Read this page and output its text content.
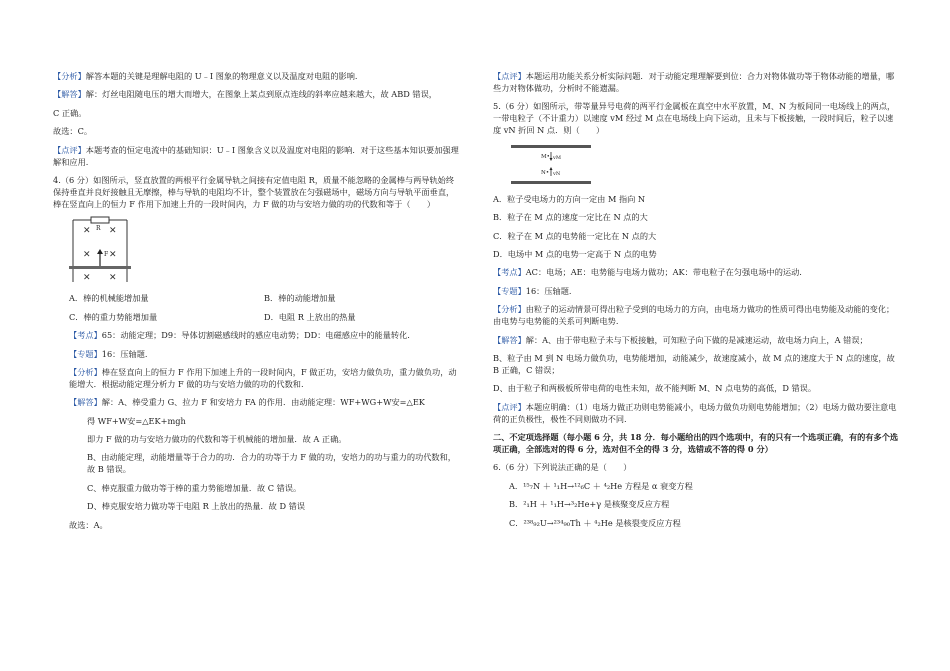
【分析】解答本题的关键是理解电阻的 U﹣I 图象的物理意义以及温度对电阻的影响.

【解答】解：灯丝电阻随电压的增大而增大，在图象上某点到原点连线的斜率应越来越大，故 ABD 错误，

C 正确。

故选：C。

【点评】本题考查的恒定电流中的基础知识：U﹣I 图象含义以及温度对电阻的影响．对于这些基本知识要加强理解和应用.

4.（6 分）如图所示，竖直放置的两根平行金属导轨之间接有定值电阻 R，质量不能忽略的金属棒与两导轨始终保持垂直并良好接触且无摩擦，棒与导轨的电阻均不计，整个装置放在匀强磁场中，磁场方向与导轨平面垂直，棒在竖直向上的恒力 F 作用下加速上升的一段时间内，力 F 做的功与安培力做的功的代数和等于（　　）

R
✕ ✕
✕ ✕
F
✕ ✕
A．棒的机械能增加量	B．棒的动能增加量
C．棒的重力势能增加量	D．电阻 R 上放出的热量

【考点】65：动能定理；D9：导体切割磁感线时的感应电动势；DD：电磁感应中的能量转化.

【专题】16：压轴题.

【分析】棒在竖直向上的恒力 F 作用下加速上升的一段时间内，F 做正功，安培力做负功，重力做负功，动能增大．根据动能定理分析力 F 做的功与安培力做的功的代数和.

【解答】解：A、棒受重力 G、拉力 F 和安培力 FA 的作用．由动能定理：WF+WG+W安=△EK

得 WF+W安=△EK+mgh

即力 F 做的功与安培力做功的代数和等于机械能的增加量．故 A 正确。

B、由动能定理，动能增量等于合力的功．合力的功等于力 F 做的功，安培力的功与重力的功代数和，故 B 错误。

C、棒克服重力做功等于棒的重力势能增加量．故 C 错误。

D、棒克服安培力做功等于电阻 R 上放出的热量．故 D 错误

故选：A。

【点评】本题运用功能关系分析实际问题．对于动能定理理解要到位：合力对物体做功等于物体动能的增量，哪些力对物体做功，分析时不能遗漏。

5.（6 分）如图所示，带等量异号电荷的两平行金属板在真空中水平放置，M、N 为板间同一电场线上的两点，一带电粒子（不计重力）以速度 vM 经过 M 点在电场线上向下运动，且未与下板接触，一段时间后，粒子以速度 vN 折回 N 点．则（　　）

M• vM
N• vN

A．粒子受电场力的方向一定由 M 指向 N

B．粒子在 M 点的速度一定比在 N 点的大

C．粒子在 M 点的电势能一定比在 N 点的大

D．电场中 M 点的电势一定高于 N 点的电势

【考点】AC：电场；AE：电势能与电场力做功；AK：带电粒子在匀强电场中的运动.

【专题】16：压轴题.

【分析】由粒子的运动情景可得出粒子受到的电场力的方向，由电场力做功的性质可得出电势能及动能的变化；由电势与电势能的关系可判断电势.

【解答】解：A、由于带电粒子未与下板接触，可知粒子向下做的是减速运动，故电场力向上，A 错误；

B、粒子由 M 到 N 电场力做负功，电势能增加，动能减少，故速度减小，故 M 点的速度大于 N 点的速度，故 B 正确，C 错误；

D、由于粒子和两极板所带电荷的电性未知，故不能判断 M、N 点电势的高低，D 错误。

【点评】本题应明确：（1）电场力做正功则电势能减小，电场力做负功则电势能增加；（2）电场力做功要注意电荷的正负极性，极性不同则做功不同.

二、不定项选择题（每小题 6 分，共 18 分．每小题给出的四个选项中，有的只有一个选项正确，有的有多个选项正确，全部选对的得 6 分，选对但不全的得 3 分，选错或不答的得 0 分）

6.（6 分）下列说法正确的是（　　）

A．¹⁵₇N ＋ ¹₁H→¹²₆C ＋ ⁴₂He 方程是 α 衰变方程

B．²₁H ＋ ¹₁H→³₂He+γ 是核聚变反应方程

C．²³⁸₉₂U→²³⁴₉₀Th ＋ ⁴₂He 是核裂变反应方程
